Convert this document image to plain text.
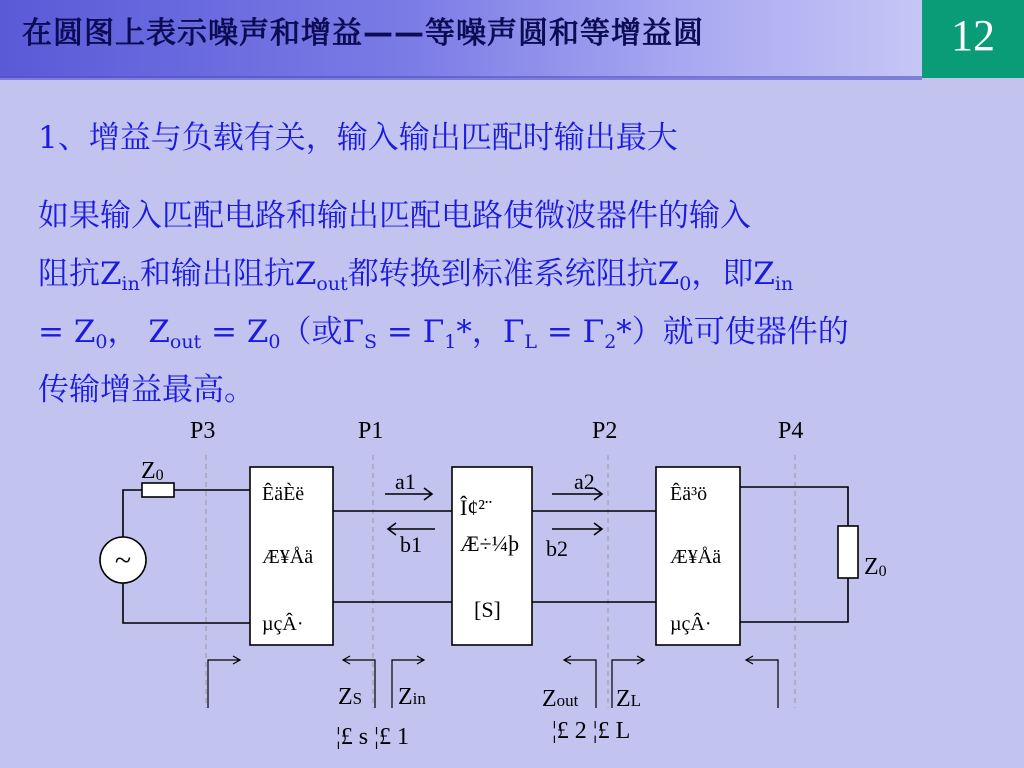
在圆图上表示噪声和增益——等噪声圆和等增益圆	12
1、增益与负载有关，输入输出匹配时输出最大
如果输入匹配电路和输出匹配电路使微波器件的输入
阻抗$Z_{in}$和输出阻抗$Z_{out}$都转换到标准系统阻抗$Z_0$，即$Z_{in}$
= $Z_0$， $Z_{out} = Z_0$（或$\Gamma_S = \Gamma_1*$，$\Gamma_L = \Gamma_2*$）就可使器件的
传输增益最高。
P3	P1	P2	P4
~
Z0
Z0
ÊäÈë
Æ¥Åä
µçÂ·
Î¢²¨
Æ÷¼þ
[S]
Êä³ö
Æ¥Åä
µçÂ·
a1
b1
a2
b2
ZS Zin	Zout ZL
¦£ s ¦£ 1	¦£ 2 ¦£ L
